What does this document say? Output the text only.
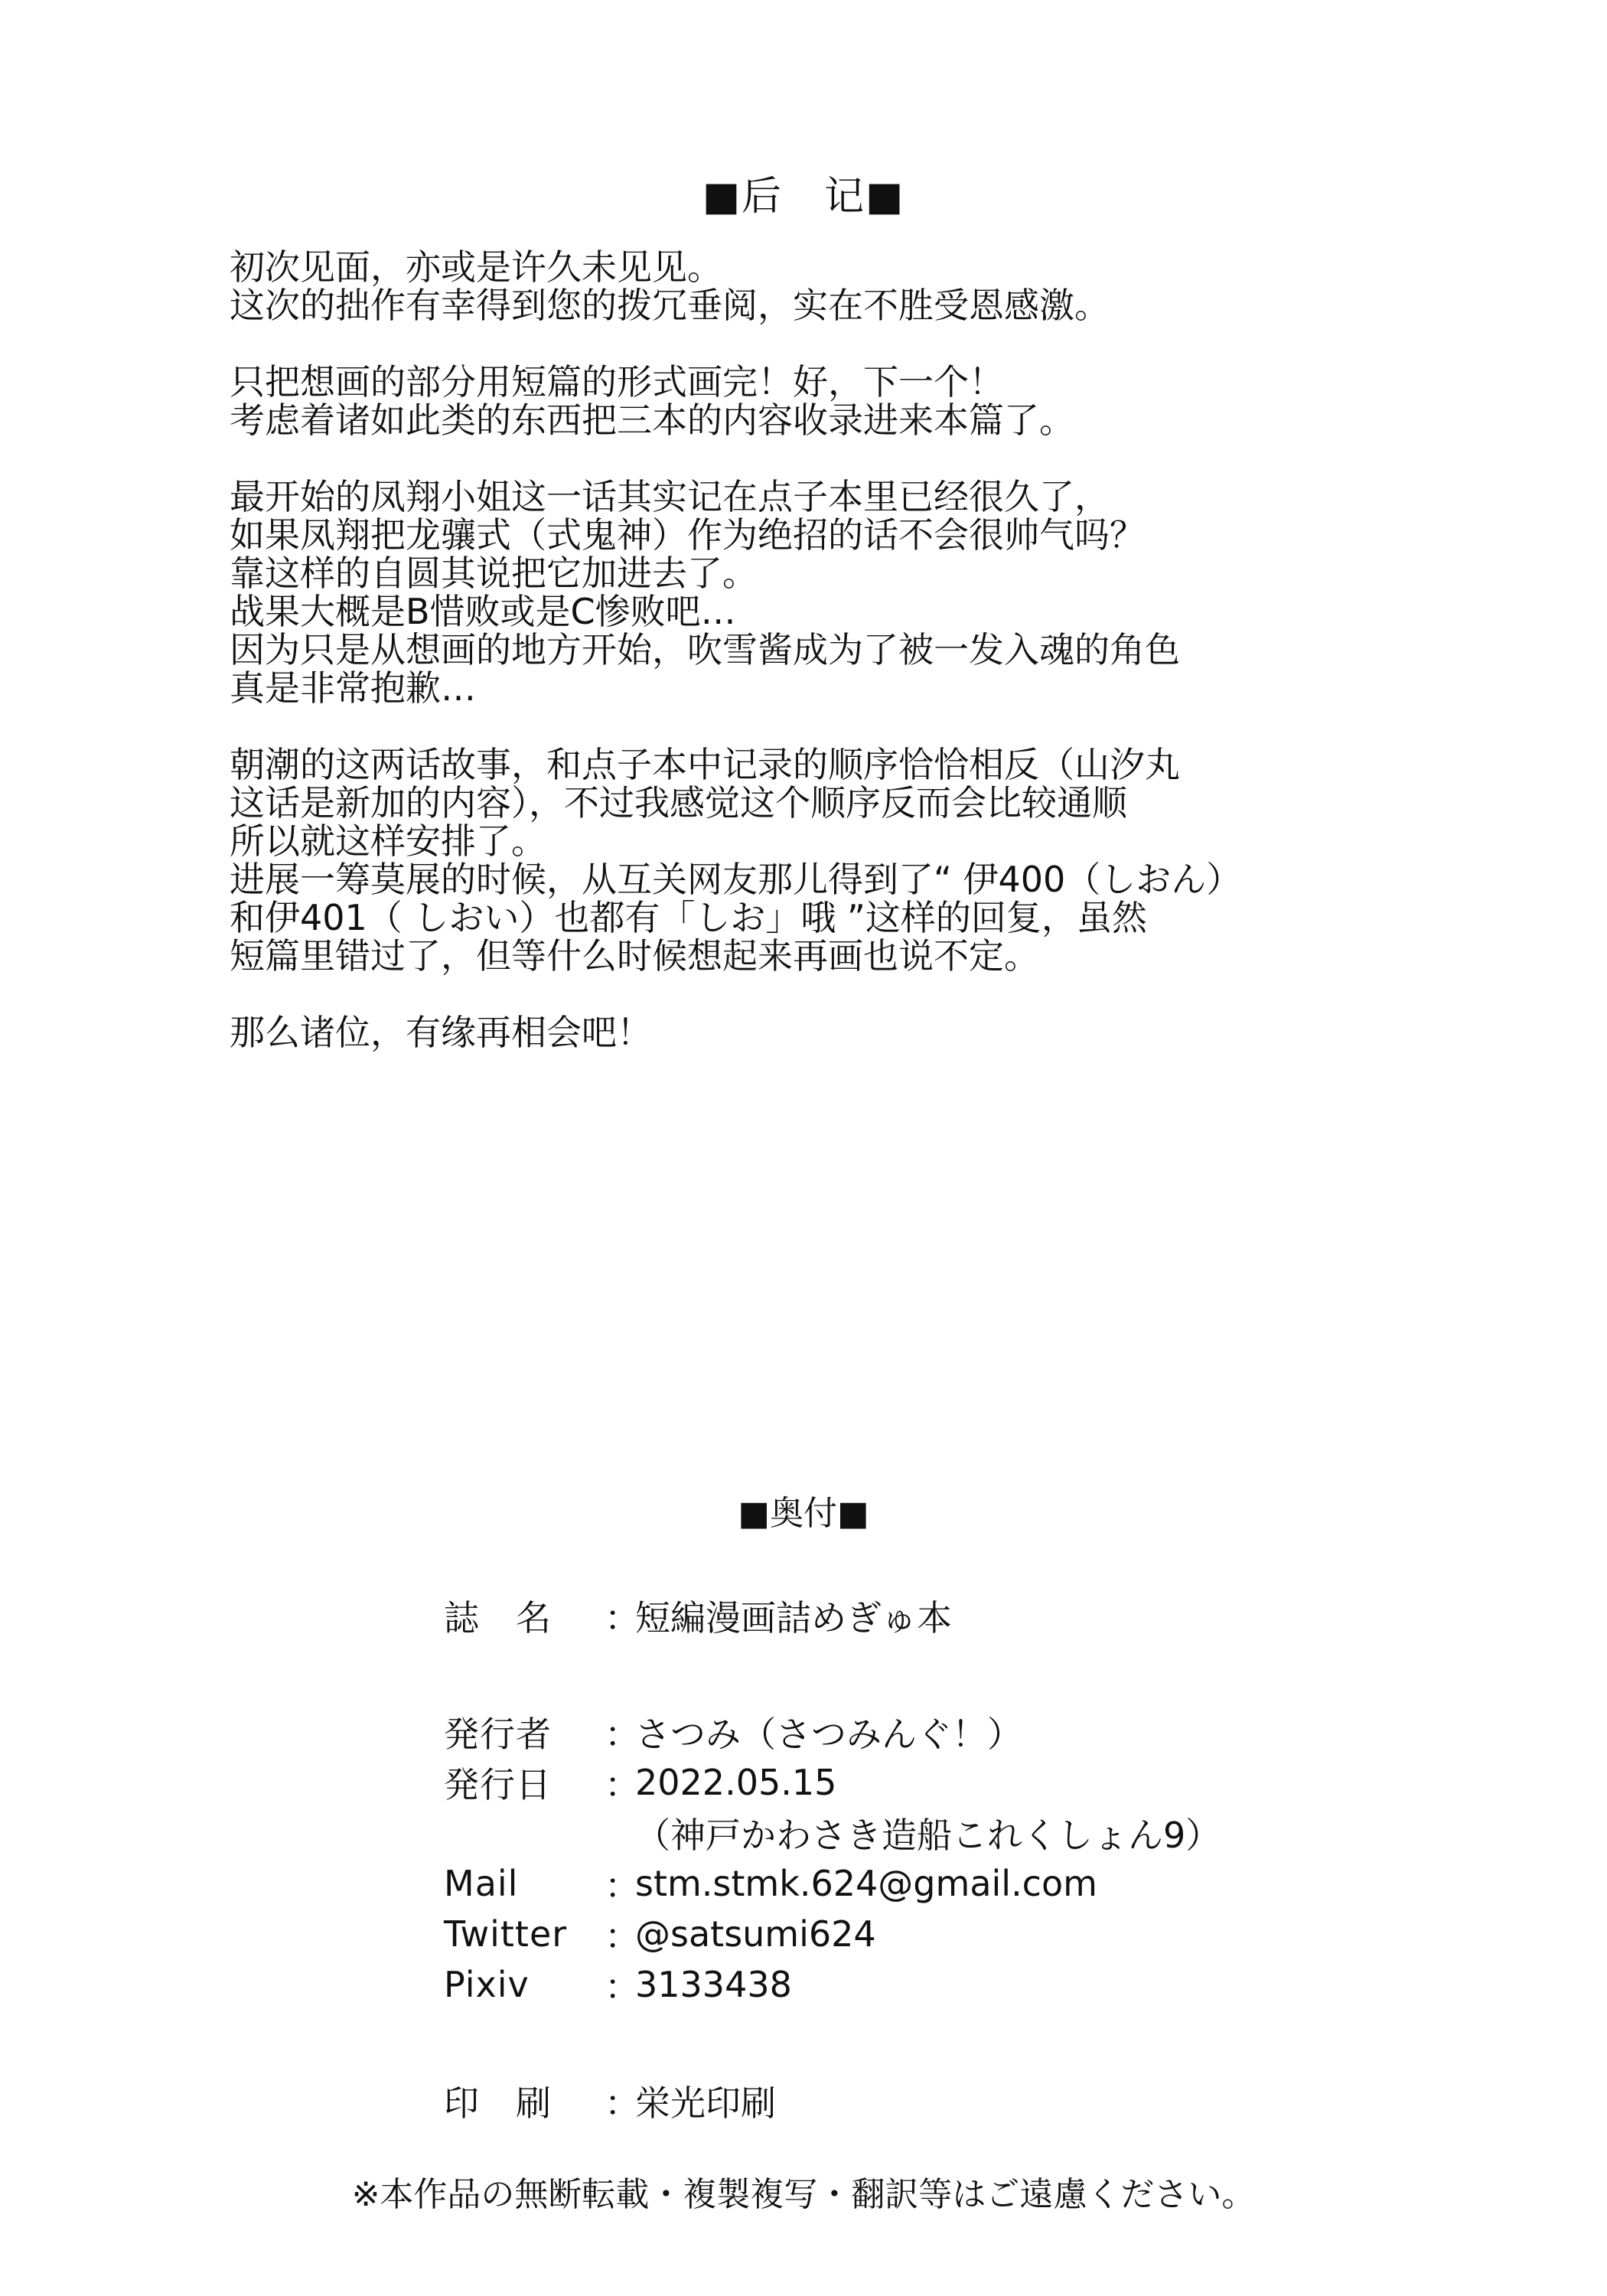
■后　记■
初次见面，亦或是许久未见见。
这次的拙作有幸得到您的拨冗垂阅，实在不胜受恩感激。
只把想画的部分用短篇的形式画完！好，下一个！
考虑着诸如此类的东西把三本的内容收录进来本篇了。
最开始的凤翔小姐这一话其实记在点子本里已经很久了，
如果凤翔把龙骧式（式鬼神）作为绝招的话不会很帅气吗？
靠这样的自圆其说把它加进去了。
战果大概是B惜败或是C惨败吧…
因为只是从想画的地方开始，吹雪酱成为了被一发入魂的角色
真是非常抱歉…
朝潮的这两话故事，和点子本中记录的顺序恰恰相反（山汐丸
这话是新加的内容），不过我感觉这个顺序反而会比较通顺
所以就这样安排了。
进展一筹莫展的时候，从互关网友那儿得到了“ 伊400（しおん）
和伊401（ しおい）也都有「しお」哦 ”这样的回复，虽然
短篇里错过了，但等什么时候想起来再画也说不定。
那么诸位，有缘再相会吧！
■奥付■
誌　名	：
短編漫画詰めぎゅ本
発行者	：
さつみ（さつみんぐ！）
発行日	：
2022.05.15
（神戸かわさき造船これくしょん9）
Mail	：
stm.stmk.624@gmail.com
Twitter	：
@satsumi624
Pixiv	：
3133438
印　刷	：
栄光印刷
※本作品の無断転載・複製複写・翻訳等はご遠慮ください。
